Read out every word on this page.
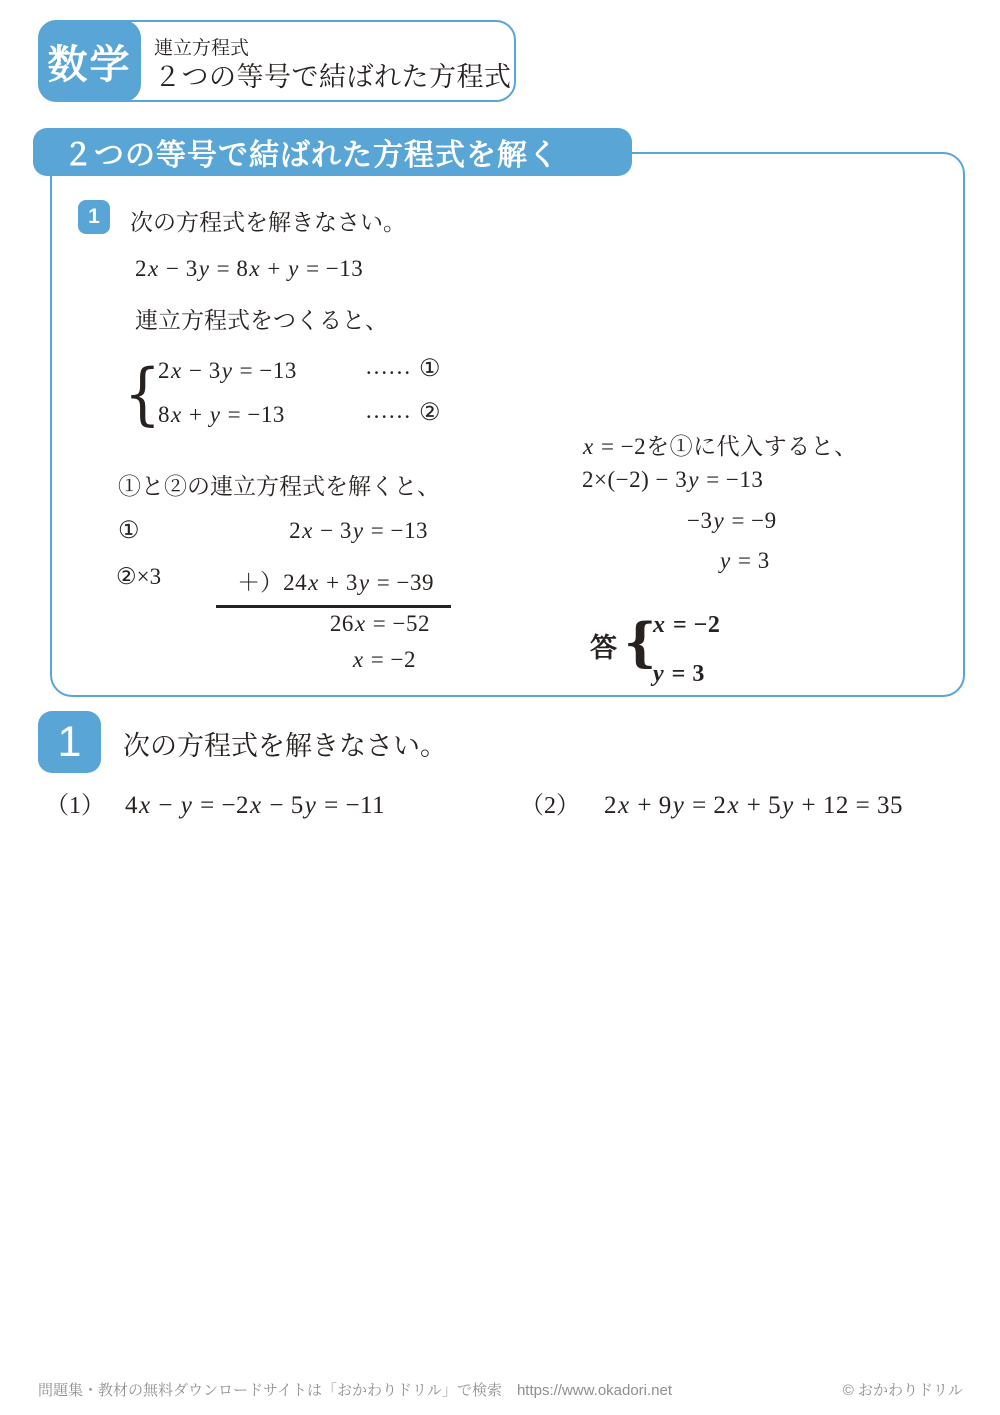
連立方程式
２つの等号で結ばれた方程式
数学
２つの等号で結ばれた方程式を解く
1	次の方程式を解きなさい。
2x − 3y = 8x + y = −13
連立方程式をつくると、
{
2x − 3y = −13	…… ①
8x + y = −13	…… ②
①と②の連立方程式を解くと、
①	2x − 3y = −13
②×3	＋）24x + 3y = −39
26x = −52
x = −2
x = −2を①に代入すると、
2×(−2) − 3y = −13
−3y = −9
y = 3
答 {
x = −2
y = 3
1	次の方程式を解きなさい。
（1） 4x − y = −2x − 5y = −11	（2） 2x + 9y = 2x + 5y + 12 = 35
問題集・教材の無料ダウンロードサイトは「おかわりドリル」で検索　https://www.okadori.net	© おかわりドリル
